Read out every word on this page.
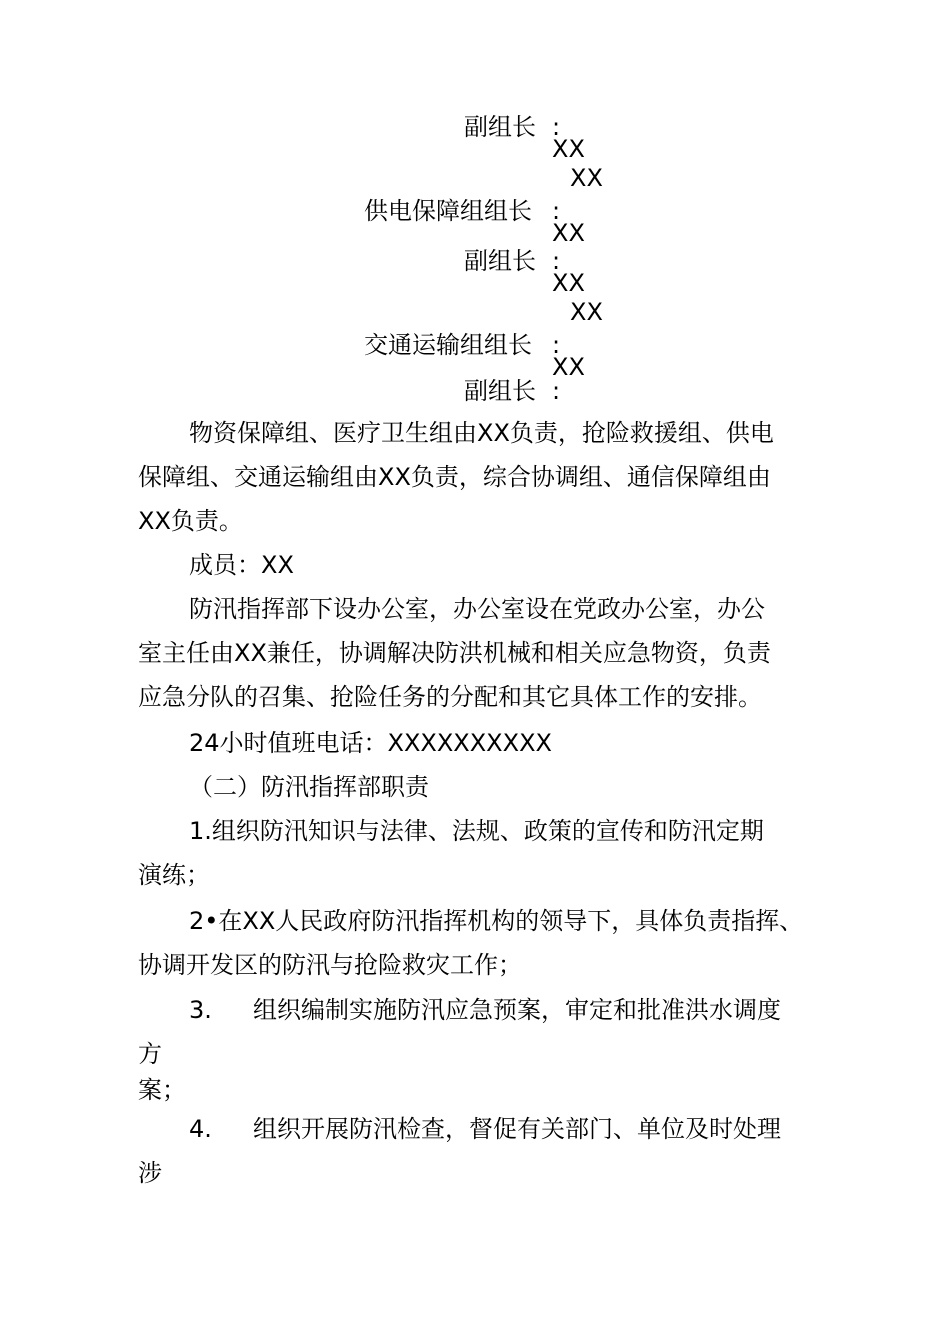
副组长 :
XX
XX
供电保障组组长 :
XX
副组长 :
XX
XX
交通运输组组长 :
XX
副组长 :
物资保障组、医疗卫生组由XX负责，抢险救援组、供电
保障组、交通运输组由XX负责，综合协调组、通信保障组由
XX负责。
成员：XX
防汛指挥部下设办公室，办公室设在党政办公室，办公
室主任由XX兼任，协调解决防洪机械和相关应急物资，负责
应急分队的召集、抢险任务的分配和其它具体工作的安排。
24小时值班电话：XXXXXXXXXX
（二）防汛指挥部职责
1.组织防汛知识与法律、法规、政策的宣传和防汛定期
演练；
2•在XX人民政府防汛指挥机构的领导下，具体负责指挥、
协调开发区的防汛与抢险救灾工作；
3. 组织编制实施防汛应急预案，审定和批准洪水调度
方
案；
4. 组织开展防汛检查，督促有关部门、单位及时处理
涉
